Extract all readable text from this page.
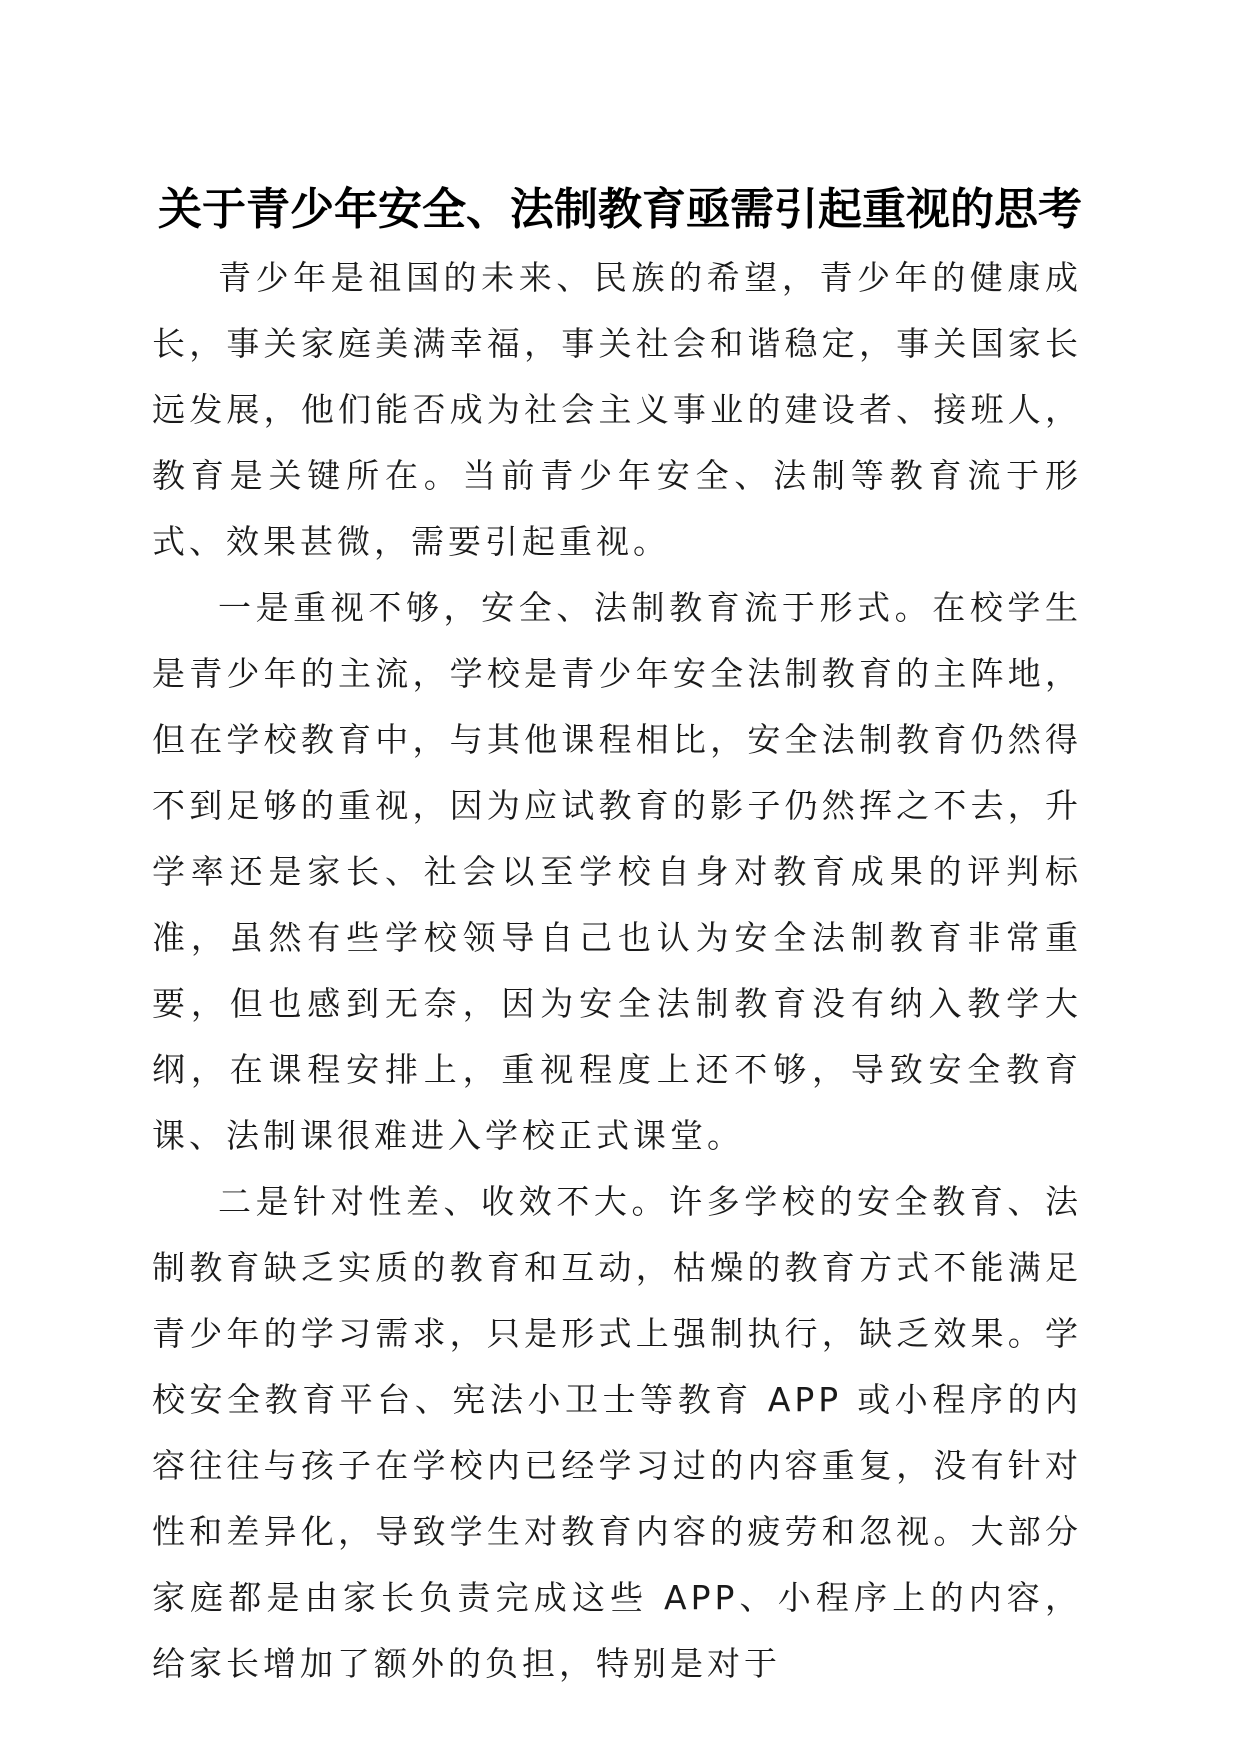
关于青少年安全、法制教育亟需引起重视的思考

青少年是祖国的未来、民族的希望，青少年的健康成长，事关家庭美满幸福，事关社会和谐稳定，事关国家长远发展，他们能否成为社会主义事业的建设者、接班人，教育是关键所在。当前青少年安全、法制等教育流于形式、效果甚微，需要引起重视。

一是重视不够，安全、法制教育流于形式。在校学生是青少年的主流，学校是青少年安全法制教育的主阵地，但在学校教育中，与其他课程相比，安全法制教育仍然得不到足够的重视，因为应试教育的影子仍然挥之不去，升学率还是家长、社会以至学校自身对教育成果的评判标准，虽然有些学校领导自己也认为安全法制教育非常重要，但也感到无奈，因为安全法制教育没有纳入教学大纲，在课程安排上，重视程度上还不够，导致安全教育课、法制课很难进入学校正式课堂。

二是针对性差、收效不大。许多学校的安全教育、法制教育缺乏实质的教育和互动，枯燥的教育方式不能满足青少年的学习需求，只是形式上强制执行，缺乏效果。学校安全教育平台、宪法小卫士等教育 APP 或小程序的内容往往与孩子在学校内已经学习过的内容重复，没有针对性和差异化，导致学生对教育内容的疲劳和忽视。大部分家庭都是由家长负责完成这些 APP、小程序上的内容，给家长增加了额外的负担，特别是对于
